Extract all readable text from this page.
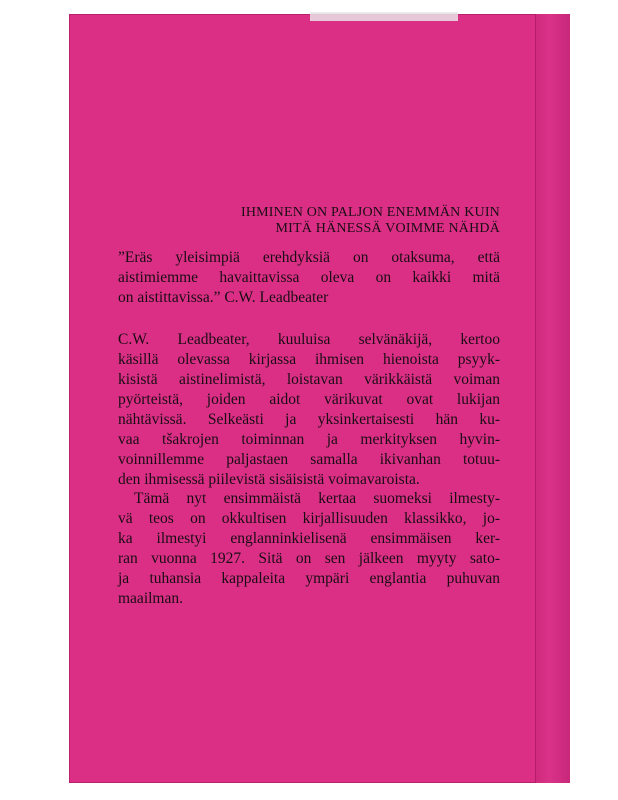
IHMINEN ON PALJON ENEMMÄN KUIN
MITÄ HÄNESSÄ VOIMME NÄHDÄ
”Eräs yleisimpiä erehdyksiä on otaksuma, että
aistimiemme havaittavissa oleva on kaikki mitä
on aistittavissa.” C.W. Leadbeater
C.W. Leadbeater, kuuluisa selvänäkijä, kertoo
käsillä olevassa kirjassa ihmisen hienoista psyyk-
kisistä aistinelimistä, loistavan värikkäistä voiman
pyörteistä, joiden aidot värikuvat ovat lukijan
nähtävissä. Selkeästi ja yksinkertaisesti hän ku-
vaa tšakrojen toiminnan ja merkityksen hyvin-
voinnillemme paljastaen samalla ikivanhan totuu-
den ihmisessä piilevistä sisäisistä voimavaroista.
Tämä nyt ensimmäistä kertaa suomeksi ilmesty-
vä teos on okkultisen kirjallisuuden klassikko, jo-
ka ilmestyi englanninkielisenä ensimmäisen ker-
ran vuonna 1927. Sitä on sen jälkeen myyty sato-
ja tuhansia kappaleita ympäri englantia puhuvan
maailman.
